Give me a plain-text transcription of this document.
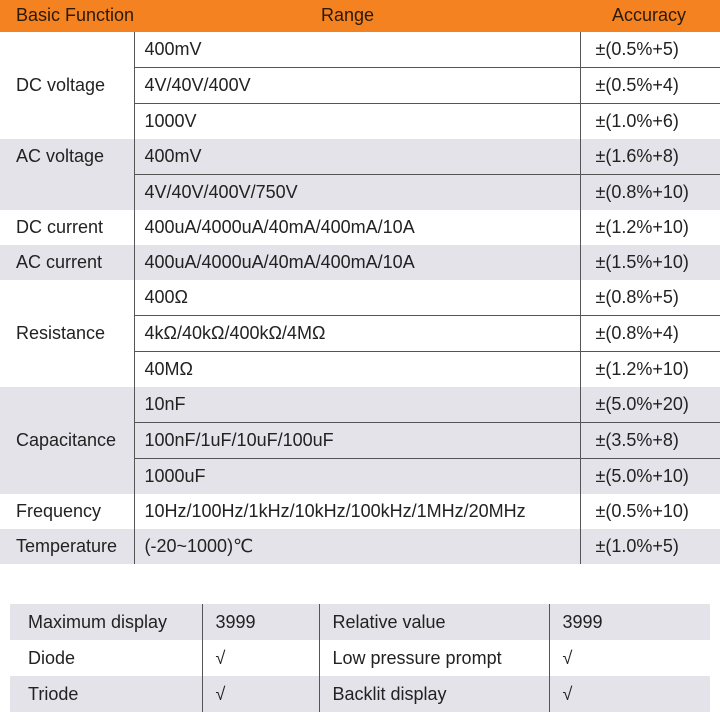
Basic Function	Range	Accuracy
DC voltage	400mV	±(0.5%+5)
	4V/40V/400V	±(0.5%+4)
	1000V	±(1.0%+6)
AC voltage	400mV	±(1.6%+8)
	4V/40V/400V/750V	±(0.8%+10)
DC current	400uA/4000uA/40mA/400mA/10A	±(1.2%+10)
AC current	400uA/4000uA/40mA/400mA/10A	±(1.5%+10)
Resistance	400Ω	±(0.8%+5)
	4kΩ/40kΩ/400kΩ/4MΩ	±(0.8%+4)
	40MΩ	±(1.2%+10)
Capacitance	10nF	±(5.0%+20)
	100nF/1uF/10uF/100uF	±(3.5%+8)
	1000uF	±(5.0%+10)
Frequency	10Hz/100Hz/1kHz/10kHz/100kHz/1MHz/20MHz	±(0.5%+10)
Temperature	(-20~1000)℃	±(1.0%+5)
Maximum display	3999	Relative value	3999
Diode	√	Low pressure prompt	√
Triode	√	Backlit display	√
